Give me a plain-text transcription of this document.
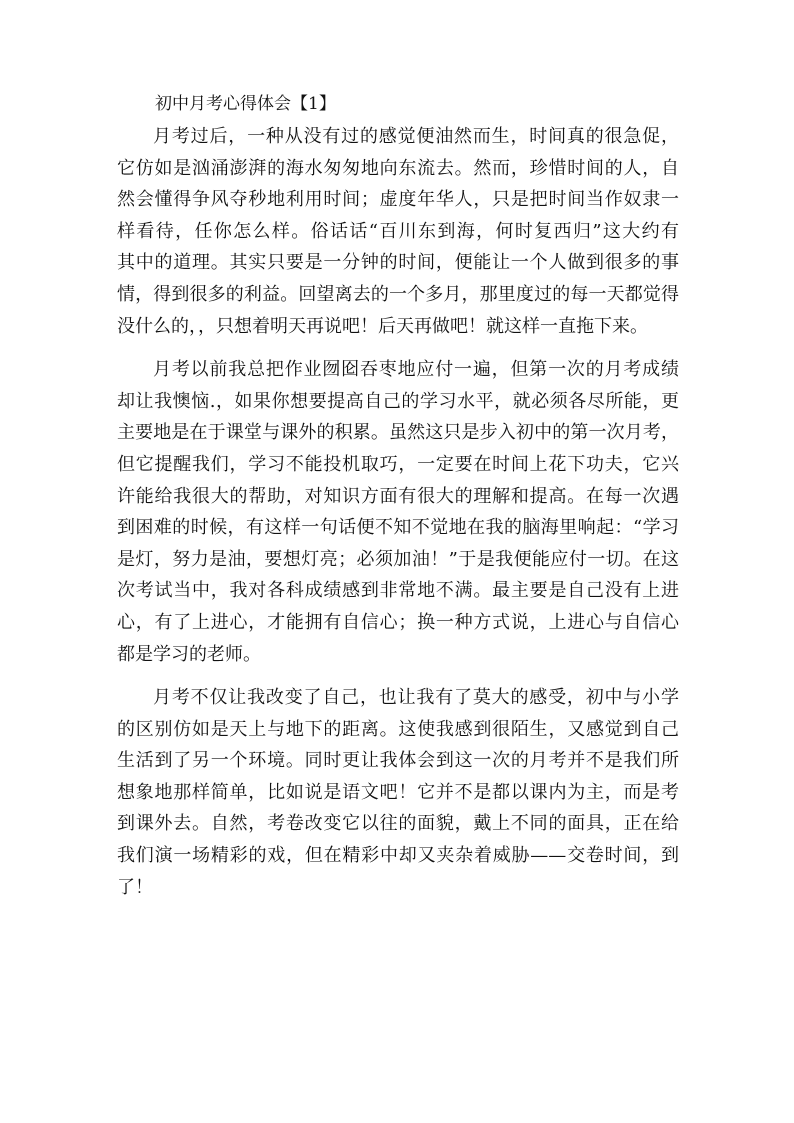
初中月考心得体会【1】
月考过后，一种从没有过的感觉便油然而生，时间真的很急促，
它仿如是汹涌澎湃的海水匆匆地向东流去。然而，珍惜时间的人，自
然会懂得争风夺秒地利用时间；虚度年华人，只是把时间当作奴隶一
样看待，任你怎么样。俗话话“百川东到海，何时复西归”这大约有
其中的道理。其实只要是一分钟的时间，便能让一个人做到很多的事
情，得到很多的利益。回望离去的一个多月，那里度过的每一天都觉得
没什么的，，只想着明天再说吧！后天再做吧！就这样一直拖下来。
月考以前我总把作业囫囵吞枣地应付一遍，但第一次的月考成绩
却让我懊恼.，如果你想要提高自己的学习水平，就必须各尽所能，更
主要地是在于课堂与课外的积累。虽然这只是步入初中的第一次月考，
但它提醒我们，学习不能投机取巧，一定要在时间上花下功夫，它兴
许能给我很大的帮助，对知识方面有很大的理解和提高。在每一次遇
到困难的时候，有这样一句话便不知不觉地在我的脑海里响起：“学习
是灯，努力是油，要想灯亮；必须加油！”于是我便能应付一切。在这
次考试当中，我对各科成绩感到非常地不满。最主要是自己没有上进
心，有了上进心，才能拥有自信心；换一种方式说，上进心与自信心
都是学习的老师。
月考不仅让我改变了自己，也让我有了莫大的感受，初中与小学
的区别仿如是天上与地下的距离。这使我感到很陌生，又感觉到自己
生活到了另一个环境。同时更让我体会到这一次的月考并不是我们所
想象地那样简单，比如说是语文吧！它并不是都以课内为主，而是考
到课外去。自然，考卷改变它以往的面貌，戴上不同的面具，正在给
我们演一场精彩的戏，但在精彩中却又夹杂着威胁——交卷时间，到
了！
